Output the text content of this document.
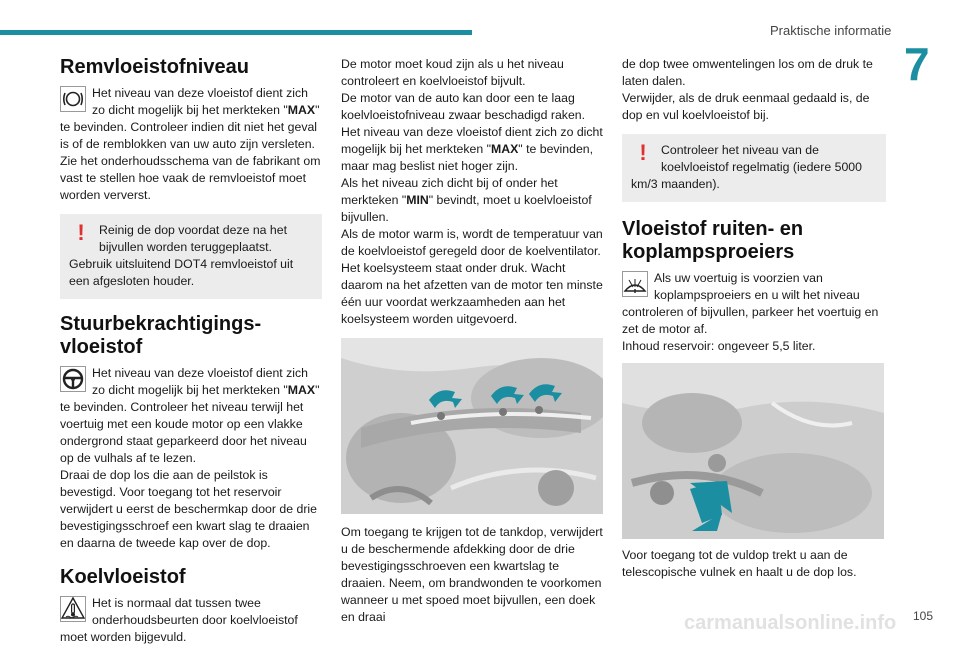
Praktische informatie
7
Remvloeistofniveau

Het niveau van deze vloeistof dient zich zo dicht mogelijk bij het merkteken "MAX" te bevinden. Controleer indien dit niet het geval is of de remblokken van uw auto zijn versleten. Zie het onderhoudsschema van de fabrikant om vast te stellen hoe vaak de remvloeistof moet worden ververst.

!	Reinig de dop voordat deze na het bijvullen worden teruggeplaatst. Gebruik uitsluitend DOT4 remvloeistof uit een afgesloten houder.
Stuurbekrachtigings-vloeistof

Het niveau van deze vloeistof dient zich zo dicht mogelijk bij het merkteken "MAX" te bevinden. Controleer het niveau terwijl het voertuig met een koude motor op een vlakke ondergrond staat geparkeerd door het niveau op de vulhals af te lezen.

Draai de dop los die aan de peilstok is bevestigd. Voor toegang tot het reservoir verwijdert u eerst de beschermkap door de drie bevestigingsschroef een kwart slag te draaien en daarna de tweede kap over de dop.

Koelvloeistof

Het is normaal dat tussen twee onderhoudsbeurten door koelvloeistof moet worden bijgevuld.

De motor moet koud zijn als u het niveau controleert en koelvloeistof bijvult.

De motor van de auto kan door een te laag koelvloeistofniveau zwaar beschadigd raken.

Het niveau van deze vloeistof dient zich zo dicht mogelijk bij het merkteken "MAX" te bevinden, maar mag beslist niet hoger zijn.

Als het niveau zich dicht bij of onder het merkteken "MIN" bevindt, moet u koelvloeistof bijvullen.

Als de motor warm is, wordt de temperatuur van de koelvloeistof geregeld door de koelventilator. Het koelsysteem staat onder druk. Wacht daarom na het afzetten van de motor ten minste één uur voordat werkzaamheden aan het koelsysteem worden uitgevoerd.

Om toegang te krijgen tot de tankdop, verwijdert u de beschermende afdekking door de drie bevestigingsschroeven een kwartslag te draaien. Neem, om brandwonden te voorkomen wanneer u met spoed moet bijvullen, een doek en draai

de dop twee omwentelingen los om de druk te laten dalen.

Verwijder, als de druk eenmaal gedaald is, de dop en vul koelvloeistof bij.

!	Controleer het niveau van de koelvloeistof regelmatig (iedere 5000 km/3 maanden).
Vloeistof ruiten- en koplampsproeiers

Als uw voertuig is voorzien van koplampsproeiers en u wilt het niveau controleren of bijvullen, parkeer het voertuig en zet de motor af.

Inhoud reservoir: ongeveer 5,5 liter.

Voor toegang tot de vuldop trekt u aan de telescopische vulnek en haalt u de dop los.

carmanualsonline.info 105
